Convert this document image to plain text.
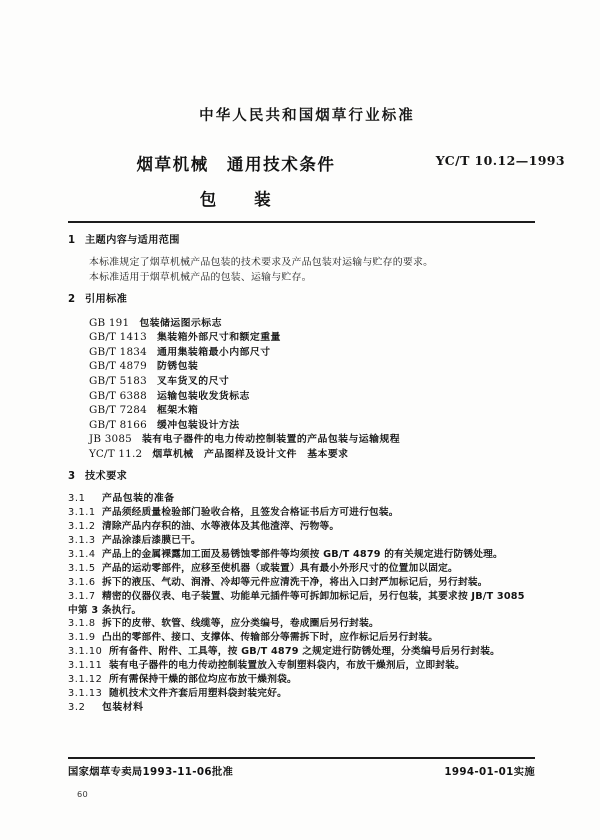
中华人民共和国烟草行业标准
烟草机械　通用技术条件	YC/T 10.12—1993
包　　装
1 主题内容与适用范围
本标准规定了烟草机械产品包装的技术要求及产品包装对运输与贮存的要求。
本标准适用于烟草机械产品的包装、运输与贮存。
2 引用标准
GB 191 包装储运图示标志
GB/T 1413 集装箱外部尺寸和额定重量
GB/T 1834 通用集装箱最小内部尺寸
GB/T 4879 防锈包装
GB/T 5183 叉车货叉的尺寸
GB/T 6388 运输包装收发货标志
GB/T 7284 框架木箱
GB/T 8166 缓冲包装设计方法
JB 3085 装有电子器件的电力传动控制装置的产品包装与运输规程
YC/T 11.2 烟草机械　产品图样及设计文件　基本要求
3 技术要求
3.1 产品包装的准备
3.1.1 产品须经质量检验部门验收合格，且签发合格证书后方可进行包装。
3.1.2 清除产品内存积的油、水等液体及其他渣滓、污物等。
3.1.3 产品涂漆后漆膜已干。
3.1.4 产品上的金属裸露加工面及易锈蚀零部件等均须按 GB/T 4879 的有关规定进行防锈处理。
3.1.5 产品的运动零部件，应移至使机器（或装置）具有最小外形尺寸的位置加以固定。
3.1.6 拆下的液压、气动、润滑、冷却等元件应清洗干净，将出入口封严加标记后，另行封装。
3.1.7 精密的仪器仪表、电子装置、功能单元插件等可拆卸加标记后，另行包装，其要求按 JB/T 3085
中第 3 条执行。
3.1.8 拆下的皮带、软管、线缆等，应分类编号，卷成圈后另行封装。
3.1.9 凸出的零部件、接口、支撑体、传输部分等需拆下时，应作标记后另行封装。
3.1.10 所有备件、附件、工具等，按 GB/T 4879 之规定进行防锈处理，分类编号后另行封装。
3.1.11 装有电子器件的电力传动控制装置放入专制塑料袋内，布放干燥剂后，立即封装。
3.1.12 所有需保持干燥的部位均应布放干燥剂袋。
3.1.13 随机技术文件齐套后用塑料袋封装完好。
3.2 包装材料
国家烟草专卖局1993-11-06批准	1994-01-01实施
60
